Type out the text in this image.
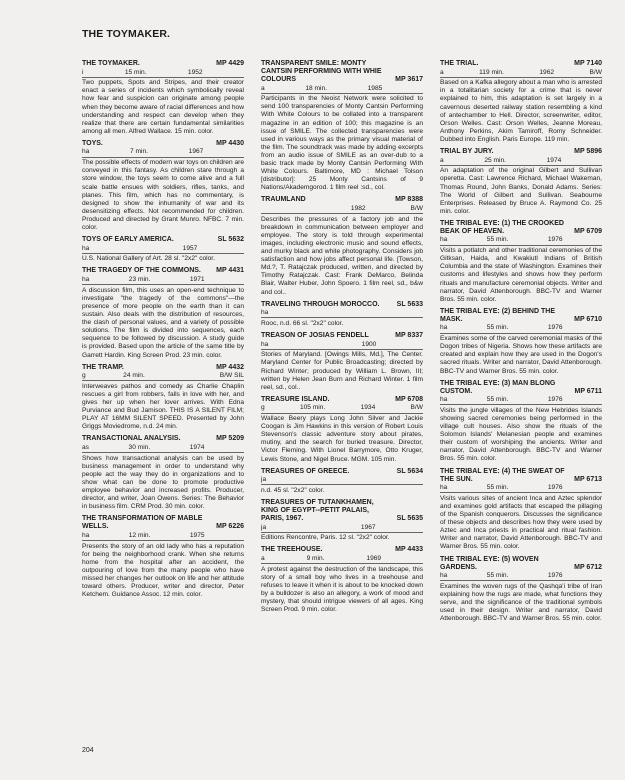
THE TOYMAKER.
THE TOYMAKER.	MP 4429
i	15 min.	1952
Two puppets, Spots and Stripes, and their creator enact a series of incidents which symbolically reveal how fear and suspicion can originate among people when they become aware of racial differences and how understanding and respect can develop when they realize that there are certain fundamental similarities among all men. Alfred Wallace. 15 min. color.
TOYS.	MP 4430
ha	7 min.	1967
The possible effects of modern war toys on children are conveyed in this fantasy. As children stare through a store window, the toys seem to come alive and a full scale battle ensues with soldiers, rifles, tanks, and planes. This film, which has no commentary, is designed to show the inhumanity of war and its desensitizing effects. Not recommended for children. Produced and directed by Grant Munro. NFBC. 7 min. color.
TOYS OF EARLY AMERICA.	SL 5632
ha	1957
U.S. National Gallery of Art. 28 sl. "2x2" color.
THE TRAGEDY OF THE COMMONS.	MP 4431
ha	23 min.	1971
A discussion film, this uses an open-end technique to investigate "the tragedy of the commons"—the presence of more people on the earth than it can sustain. Also deals with the distribution of resources, the clash of personal values, and a variety of possible solutions. The film is divided into sequences, each sequence to be followed by discussion. A study guide is provided. Based upon the article of the same title by Garrett Hardin. King Screen Prod. 23 min. color.
THE TRAMP.	MP 4432
g	24 min.	B/W SIL
Interweaves pathos and comedy as Charlie Chaplin rescues a girl from robbers, falls in love with her, and gives her up when her lover arrives. With Edna Purviance and Bud Jamison. THIS IS A SILENT FILM; PLAY AT 16MM SILENT SPEED. Presented by John Griggs Moviedrome, n.d. 24 min.
TRANSACTIONAL ANALYSIS.	MP 5209
as	30 min.	1974
Shows how transactional analysis can be used by business management in order to understand why people act the way they do in organizations and to show what can be done to promote productive employee behavior and increased profits. Producer, director, and writer, Joan Owens. Series: The Behavior in business film. CRM Prod. 30 min. color.
THE TRANSFORMATION OF MABLE WELLS.	MP 6226
ha	12 min.	1975
Presents the story of an old lady who has a reputation for being the neighborhood crank. When she returns home from the hospital after an accident, the outpouring of love from the many people who have missed her changes her outlook on life and her attitude toward others. Producer, writer and director, Peter Ketchem. Guidance Assoc. 12 min. color.
TRANSPARENT SMILE: MONTY CANTSIN PERFORMING WITH WHIE COLOURS	MP 3617
a	18 min.	1985
Participants in the Neoist Network were solicited to send 100 transparencies of Monty Cantsin Performing With White Colours to be collated into a transparent magazine in an edition of 100; this magazine is an issue of SMILE. The collected transparencies were used in various ways as the primary visual material of the film. The soundtrack was made by adding excerpts from an audio issue of SMILE as an over-dub to a basic track made by Monty Cantsin Performing With White Colours. Baltimore, MD : Michael Tolson [distributor]: 25 Monty Cantsins of 9 Nations/Akademgorod. 1 film reel :sd., col.
TRAUMLAND	MP 8388
1982	B/W
Describes the pressures of a factory job and the breakdown in communication between employer and employee. The story is told through experimental images, including electronic music and sound effects, and murky black and white photography. Considers job satisfaction and how jobs affect personal life. [Towson, Md.?, T. Ratajczak produced, written, and directed by Timothy Ratajczak. Cast: Frank DeMarco, Belinda Blair, Walter Huber, John Spoero. 1 film reel, sd., b&w and col..
TRAVELING THROUGH MOROCCO.	SL 5633
ha
Rooc, n.d. 66 sl. "2x2" color.
TREASON OF JOSIAS FENDELL	MP 8337
ha	1900
Stories of Maryland. [Owings Mills, Md.], The Center. Maryland Center for Public Broadcasting; directed by Richard Winter; produced by William L. Brown, III; written by Helen Jean Burn and Richard Winter. 1 film reel, sd., col..
TREASURE ISLAND.	MP 6708
g	105 min.	1934	B/W
Wallace Beery plays Long John Silver and Jackie Coogan is Jim Hawkins in this version of Robert Louis Stevenson's classic adventure story about pirates, mutiny, and the search for buried treasure. Director, Victor Fleming. With Lionel Barrymore, Otto Kruger, Lewis Stone, and Nigel Bruce. MGM. 105 min.
TREASURES OF GREECE.	SL 5634
ja
n.d. 45 sl. "2x2" color.
TREASURES OF TUTANKHAMEN, KING OF EGYPT--PETIT PALAIS, PARIS, 1967.	SL 5635
ja	1967
Editions Rencontre, Paris. 12 sl. "2x2" color.
THE TREEHOUSE.	MP 4433
a	9 min.	1969
A protest against the destruction of the landscape, this story of a small boy who lives in a treehouse and refuses to leave it when it is about to be knocked down by a bulldozer is also an allegory, a work of mood and mystery, that should intrigue viewers of all ages. King Screen Prod. 9 min. color.
THE TRIAL.	MP 7140
a	119 min.	1962	B/W
Based on a Kafka allegory about a man who is arrested in a totalitarian society for a crime that is never explained to him, this adaptation is set largely in a cavernous deserted railway station resembling a kind of antechamber to Hell. Director, screenwriter, editor, Orson Welles. Cast: Orson Welles, Jeanne Moreau, Anthony Perkins, Akim Tamiroff, Romy Schneider. Dubbed into English. Paris Europe. 119 min.
TRIAL BY JURY.	MP 5896
a	25 min.	1974
An adaptation of the original Gilbert and Sullivan operetta. Cast: Lawrence Richard, Michael Wakeman, Thomas Round, John Banks, Donald Adams. Series: The World of Gilbert and Sullivan. Seabourne Enterprises. Released by Bruce A. Raymond Co. 25 min. color.
THE TRIBAL EYE: (1) THE CROOKED BEAK OF HEAVEN.	MP 6709
ha	55 min.	1976
Visits a potlatch and other traditional ceremonies of the Gitksan, Haida, and Kwakiutl Indians of British Columbia and the state of Washington. Examines their customs and lifestyles and shows how they perform rituals and manufacture ceremonial objects. Writer and narrator, David Attenborough. BBC-TV and Warner Bros. 55 min. color.
THE TRIBAL EYE: (2) BEHIND THE MASK.	MP 6710
ha	55 min.	1976
Examines some of the carved ceremonial masks of the Dogon tribes of Nigeria. Shows how these artifacts are created and explain how they are used in the Dogon's sacred rituals. Writer and narrator, David Attenborough. BBC-TV and Warner Bros. 55 min. color.
THE TRIBAL EYE: (3) MAN BLONG CUSTOM.	MP 6711
ha	55 min.	1976
Visits the jungle villages of the New Hebrides Islands showing sacred ceremonies being performed in the village cult houses. Also show the rituals of the Solomon Islands' Melanesian people and examines their custom of worshiping the ancients. Writer and narrator, David Attenborough. BBC-TV and Warner Bros. 55 min. color.
THE TRIBAL EYE: (4) THE SWEAT OF THE SUN.	MP 6713
ha	55 min.	1976
Visits various sites of ancient Inca and Aztec splendor and examines gold artifacts that escaped the pillaging of the Spanish conquerors. Discusses the significance of these objects and describes how they were used by Aztec and Inca priests in practical and ritual fashion. Writer and narrator, David Attenborough. BBC-TV and Warner Bros. 55 min. color.
THE TRIBAL EYE: (5) WOVEN GARDENS.	MP 6712
ha	55 min.	1976
Examines the woven rugs of the Qashqa'i tribe of Iran explaining how the rugs are made, what functions they serve, and the significance of the traditional symbols used in their design. Writer and narrator, David Attenborough. BBC-TV and Warner Bros. 55 min. color.
204
